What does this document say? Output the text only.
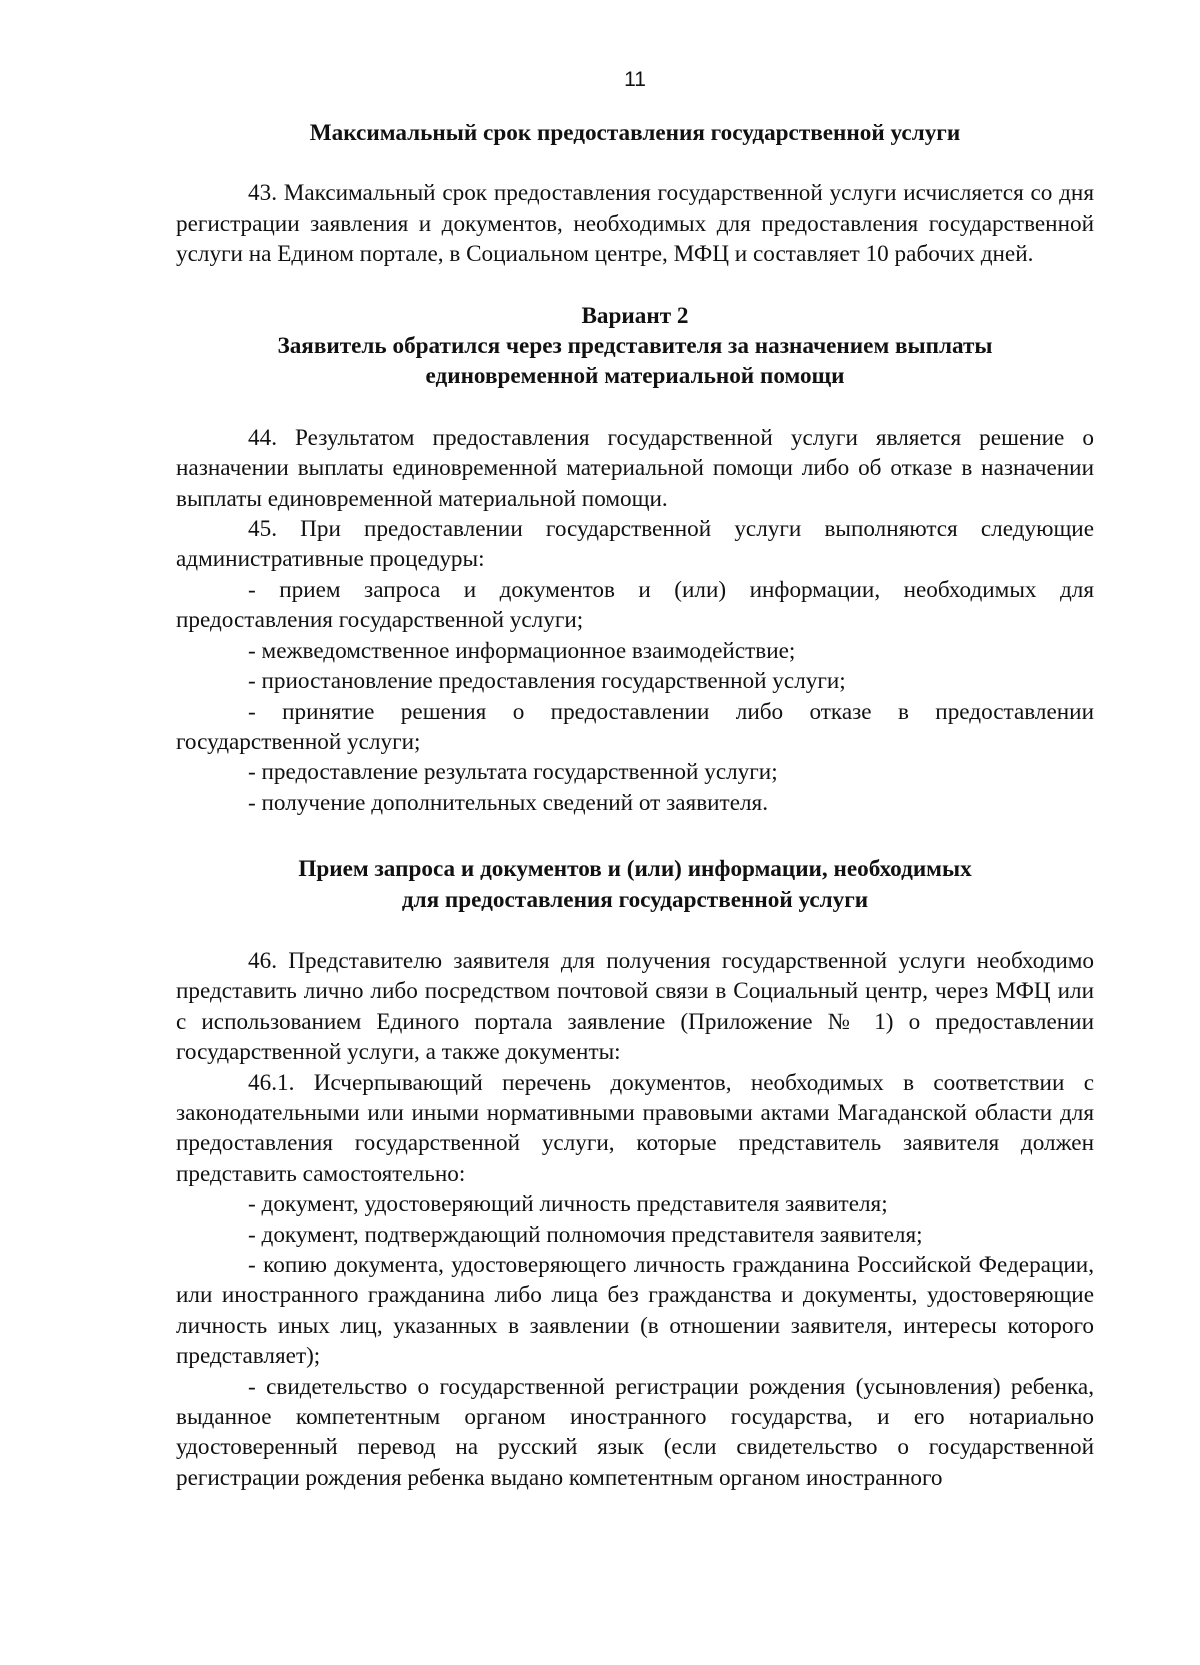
11

Максимальный срок предоставления государственной услуги

43. Максимальный срок предоставления государственной услуги исчисляется со дня регистрации заявления и документов, необходимых для предоставления государственной услуги на Едином портале, в Социальном центре, МФЦ и составляет 10 рабочих дней.

Вариант 2

Заявитель обратился через представителя за назначением выплаты

единовременной материальной помощи

44. Результатом предоставления государственной услуги является решение о назначении выплаты единовременной материальной помощи либо об отказе в назначении выплаты единовременной материальной помощи.

45. При предоставлении государственной услуги выполняются следующие административные процедуры:

- прием запроса и документов и (или) информации, необходимых для предоставления государственной услуги;

- межведомственное информационное взаимодействие;

- приостановление предоставления государственной услуги;

- принятие решения о предоставлении либо отказе в предоставлении государственной услуги;

- предоставление результата государственной услуги;

- получение дополнительных сведений от заявителя.

Прием запроса и документов и (или) информации, необходимых

для предоставления государственной услуги

46. Представителю заявителя для получения государственной услуги необходимо представить лично либо посредством почтовой связи в Социальный центр, через МФЦ или с использованием Единого портала заявление (Приложение № 1) о предоставлении государственной услуги, а также документы:

46.1. Исчерпывающий перечень документов, необходимых в соответствии с законодательными или иными нормативными правовыми актами Магаданской области для предоставления государственной услуги, которые представитель заявителя должен представить самостоятельно:

- документ, удостоверяющий личность представителя заявителя;

- документ, подтверждающий полномочия представителя заявителя;

- копию документа, удостоверяющего личность гражданина Российской Федерации, или иностранного гражданина либо лица без гражданства и документы, удостоверяющие личность иных лиц, указанных в заявлении (в отношении заявителя, интересы которого представляет);

- свидетельство о государственной регистрации рождения (усыновления) ребенка, выданное компетентным органом иностранного государства, и его нотариально удостоверенный перевод на русский язык (если свидетельство о государственной регистрации рождения ребенка выдано компетентным органом иностранного
